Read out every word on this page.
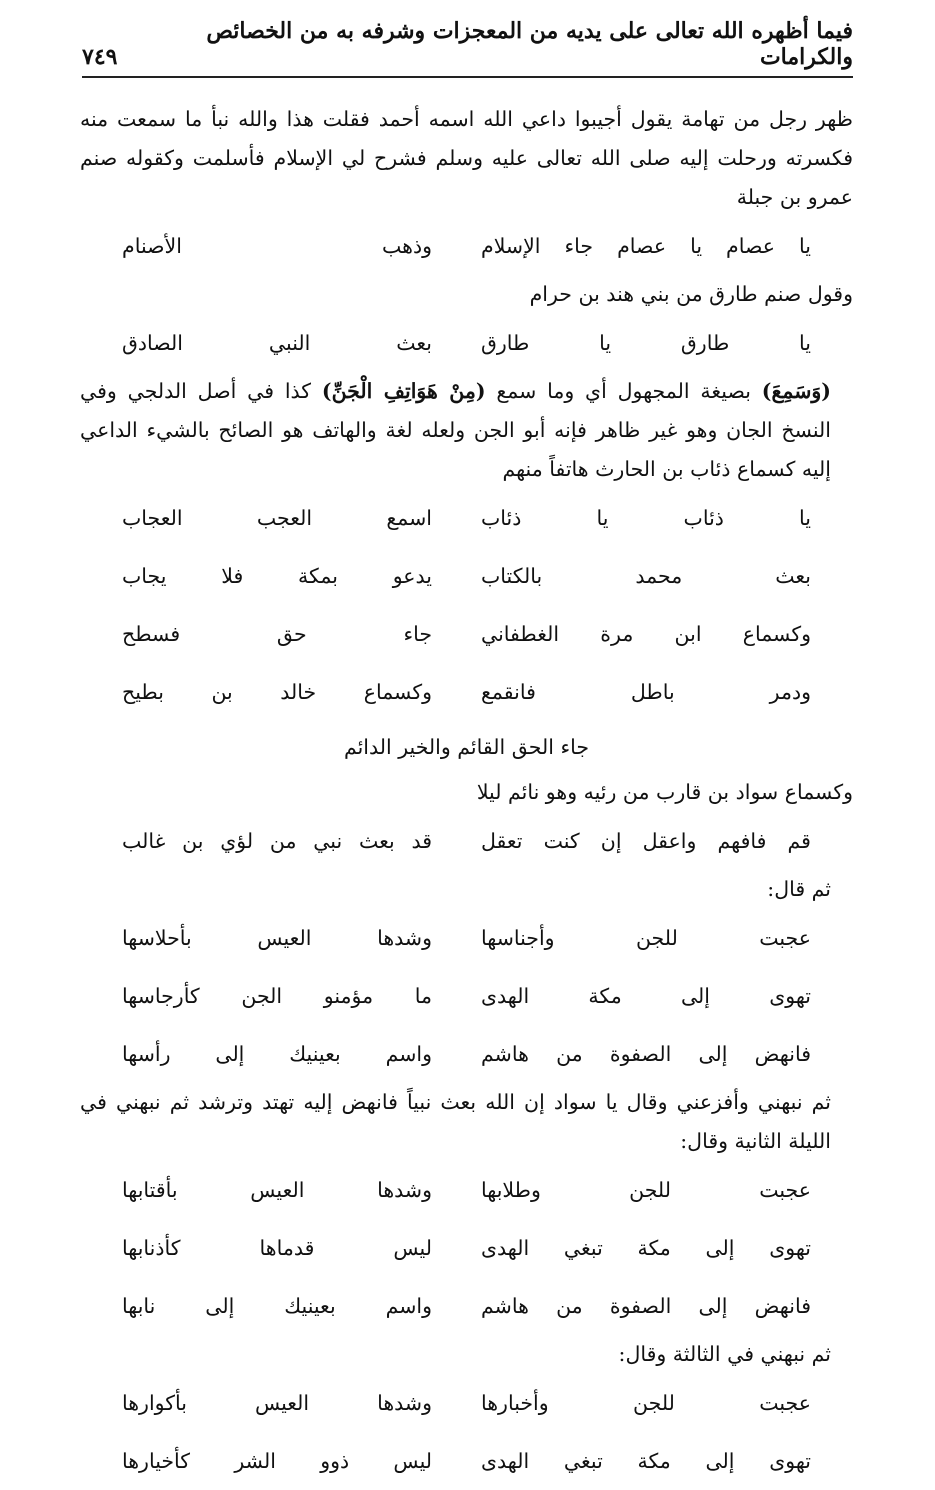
فيما أظهره الله تعالى على يديه من المعجزات وشرفه به من الخصائص والكرامات
٧٤٩
ظهر رجل من تهامة يقول أجيبوا داعي الله اسمه أحمد فقلت هذا والله نبأ ما سمعت منه فكسرته ورحلت إليه صلى الله تعالى عليه وسلم فشرح لي الإسلام فأسلمت وكقوله صنم عمرو بن جبلة
يا عصام يا عصام جاء الإسلام
وذهب الأصنام
وقول صنم طارق من بني هند بن حرام
يا طارق يا طارق
بعث النبي الصادق
(وَسَمِعَ) بصيغة المجهول أي وما سمع (مِنْ هَوَاتِفِ الْجَنِّ) كذا في أصل الدلجي وفي النسخ الجان وهو غير ظاهر فإنه أبو الجن ولعله لغة والهاتف هو الصائح بالشيء الداعي إليه كسماع ذئاب بن الحارث هاتفاً منهم
يا ذئاب يا ذئاب
اسمع العجب العجاب
بعث محمد بالكتاب
يدعو بمكة فلا يجاب
وكسماع ابن مرة الغطفاني
جاء حق فسطح
ودمر باطل فانقمع
وكسماع خالد بن بطيح
جاء الحق القائم والخير الدائم
وكسماع سواد بن قارب من رئيه وهو نائم ليلا
قم فافهم واعقل إن كنت تعقل
قد بعث نبي من لؤي بن غالب
ثم قال:
عجبت للجن وأجناسها
وشدها العيس بأحلاسها
تهوى إلى مكة الهدى
ما مؤمنو الجن كأرجاسها
فانهض إلى الصفوة من هاشم
واسم بعينيك إلى رأسها
ثم نبهني وأفزعني وقال يا سواد إن الله بعث نبياً فانهض إليه تهتد وترشد ثم نبهني في الليلة الثانية وقال:
عجبت للجن وطلابها
وشدها العيس بأقتابها
تهوى إلى مكة تبغي الهدى
ليس قدماها كأذنابها
فانهض إلى الصفوة من هاشم
واسم بعينيك إلى نابها
ثم نبهني في الثالثة وقال:
عجبت للجن وأخبارها
وشدها العيس بأكوارها
تهوى إلى مكة تبغي الهدى
ليس ذوو الشر كأخيارها
